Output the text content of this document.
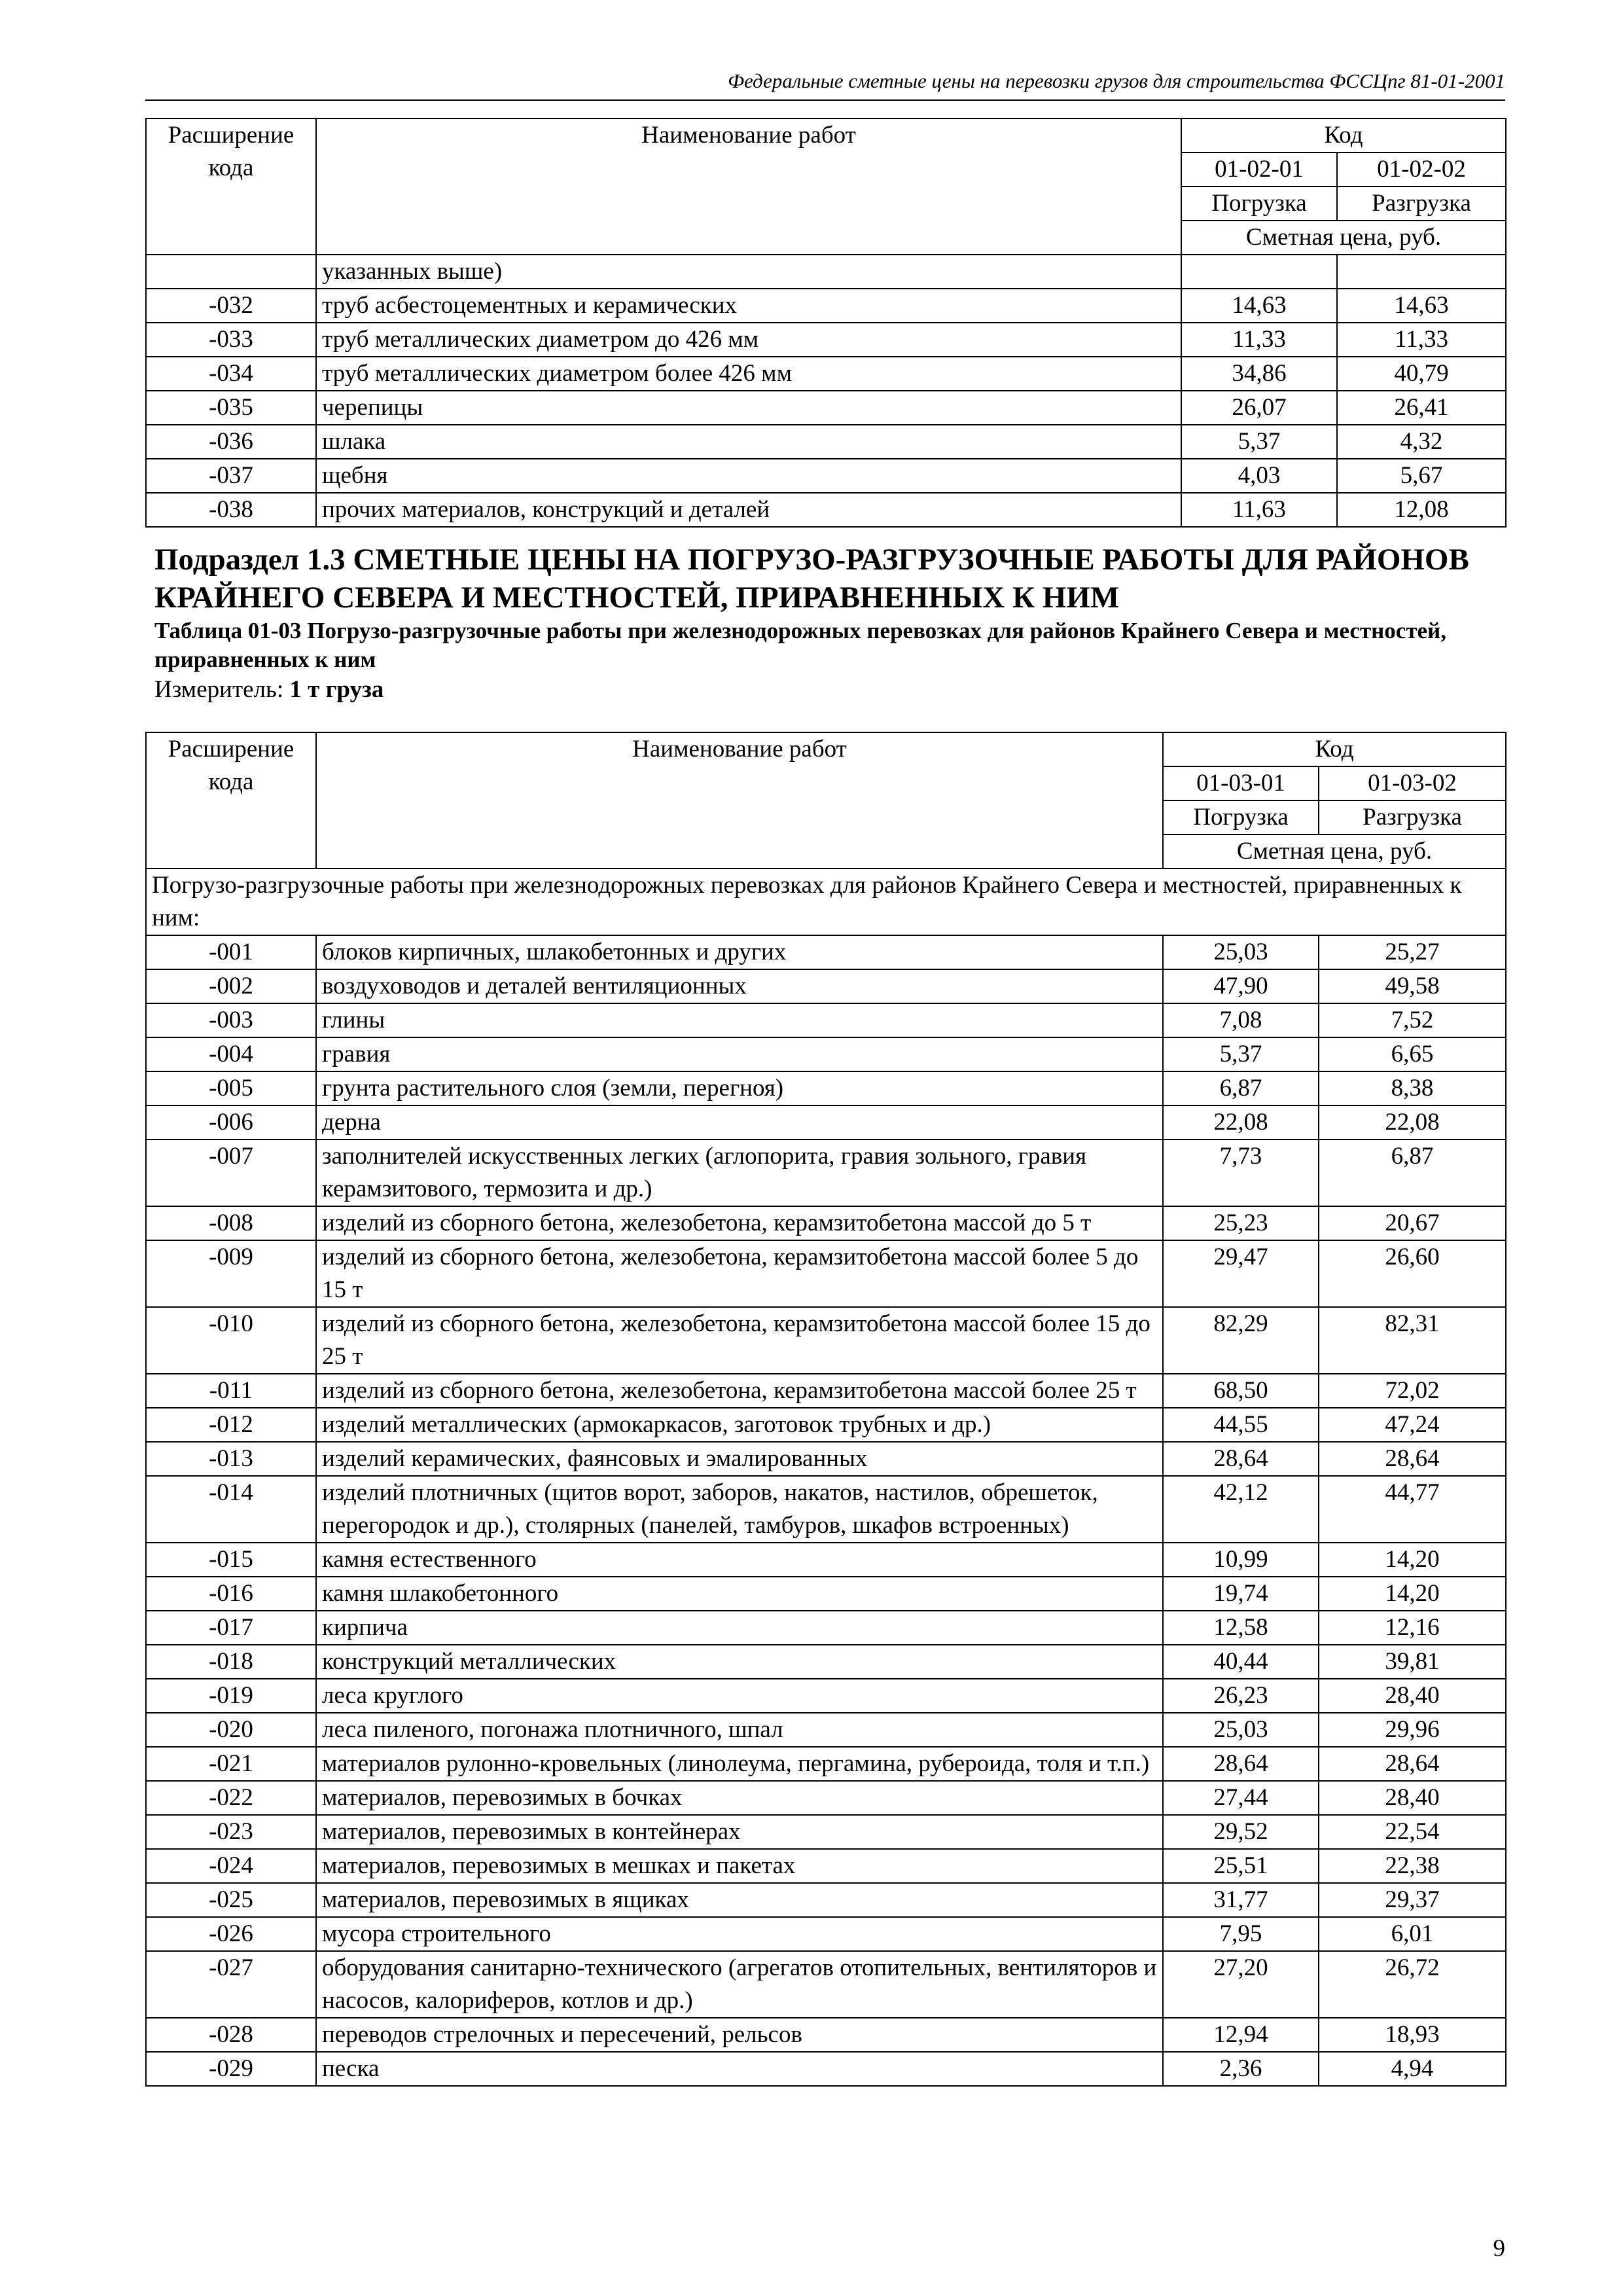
Федеральные сметные цены на перевозки грузов для строительства ФССЦпг 81-01-2001
Расширение кода	Наименование работ	Код	
		01-02-01	01-02-02
		Погрузка	Разгрузка
		Сметная цена, руб.	
	указанных выше)		
-032	труб асбестоцементных и керамических	14,63	14,63
-033	труб металлических диаметром до 426 мм	11,33	11,33
-034	труб металлических диаметром более 426 мм	34,86	40,79
-035	черепицы	26,07	26,41
-036	шлака	5,37	4,32
-037	щебня	4,03	5,67
-038	прочих материалов, конструкций и деталей	11,63	12,08

Подраздел 1.3 СМЕТНЫЕ ЦЕНЫ НА ПОГРУЗО-РАЗГРУЗОЧНЫЕ РАБОТЫ ДЛЯ РАЙОНОВ КРАЙНЕГО СЕВЕРА И МЕСТНОСТЕЙ, ПРИРАВНЕННЫХ К НИМ

Таблица 01-03 Погрузо-разгрузочные работы при железнодорожных перевозках для районов Крайнего Севера и местностей, приравненных к ним

Измеритель: 1 т груза

Расширение кода	Наименование работ	Код	
		01-03-01	01-03-02
		Погрузка	Разгрузка
		Сметная цена, руб.	
Погрузо-разгрузочные работы при железнодорожных перевозках для районов Крайнего Севера и местностей, приравненных к ним:			
-001	блоков кирпичных, шлакобетонных и других	25,03	25,27
-002	воздуховодов и деталей вентиляционных	47,90	49,58
-003	глины	7,08	7,52
-004	гравия	5,37	6,65
-005	грунта растительного слоя (земли, перегноя)	6,87	8,38
-006	дерна	22,08	22,08
-007	заполнителей искусственных легких (аглопорита, гравия зольного, гравия керамзитового, термозита и др.)	7,73	6,87
-008	изделий из сборного бетона, железобетона, керамзитобетона массой до 5 т	25,23	20,67
-009	изделий из сборного бетона, железобетона, керамзитобетона массой более 5 до 15 т	29,47	26,60
-010	изделий из сборного бетона, железобетона, керамзитобетона массой более 15 до 25 т	82,29	82,31
-011	изделий из сборного бетона, железобетона, керамзитобетона массой более 25 т	68,50	72,02
-012	изделий металлических (армокаркасов, заготовок трубных и др.)	44,55	47,24
-013	изделий керамических, фаянсовых и эмалированных	28,64	28,64
-014	изделий плотничных (щитов ворот, заборов, накатов, настилов, обрешеток, перегородок и др.), столярных (панелей, тамбуров, шкафов встроенных)	42,12	44,77
-015	камня естественного	10,99	14,20
-016	камня шлакобетонного	19,74	14,20
-017	кирпича	12,58	12,16
-018	конструкций металлических	40,44	39,81
-019	леса круглого	26,23	28,40
-020	леса пиленого, погонажа плотничного, шпал	25,03	29,96
-021	материалов рулонно-кровельных (линолеума, пергамина, рубероида, толя и т.п.)	28,64	28,64
-022	материалов, перевозимых в бочках	27,44	28,40
-023	материалов, перевозимых в контейнерах	29,52	22,54
-024	материалов, перевозимых в мешках и пакетах	25,51	22,38
-025	материалов, перевозимых в ящиках	31,77	29,37
-026	мусора строительного	7,95	6,01
-027	оборудования санитарно-технического (агрегатов отопительных, вентиляторов и насосов, калориферов, котлов и др.)	27,20	26,72
-028	переводов стрелочных и пересечений, рельсов	12,94	18,93
-029	песка	2,36	4,94
9
